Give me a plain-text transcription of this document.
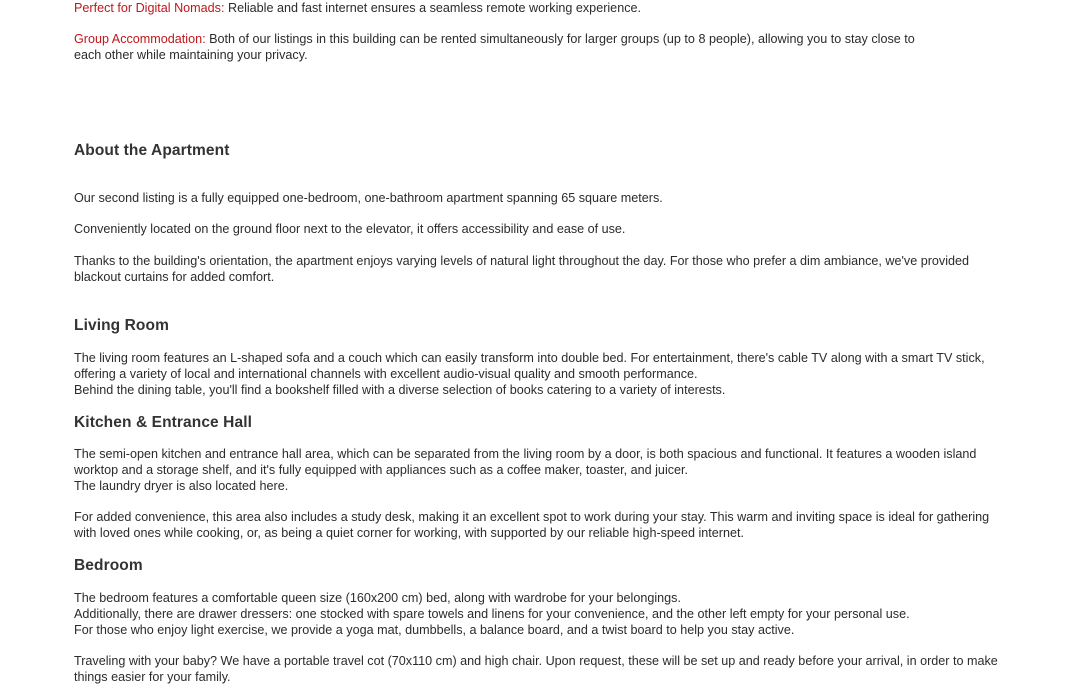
Perfect for Digital Nomads: Reliable and fast internet ensures a seamless remote working experience.

Group Accommodation: Both of our listings in this building can be rented simultaneously for larger groups (up to 8 people), allowing you to stay close to
each other while maintaining your privacy.

About the Apartment

Our second listing is a fully equipped one-bedroom, one-bathroom apartment spanning 65 square meters.

Conveniently located on the ground floor next to the elevator, it offers accessibility and ease of use.

Thanks to the building's orientation, the apartment enjoys varying levels of natural light throughout the day. For those who prefer a dim ambiance, we've provided
blackout curtains for added comfort.

Living Room

The living room features an L-shaped sofa and a couch which can easily transform into double bed. For entertainment, there's cable TV along with a smart TV stick,
offering a variety of local and international channels with excellent audio-visual quality and smooth performance.
Behind the dining table, you'll find a bookshelf filled with a diverse selection of books catering to a variety of interests.

Kitchen & Entrance Hall

The semi-open kitchen and entrance hall area, which can be separated from the living room by a door, is both spacious and functional. It features a wooden island
worktop and a storage shelf, and it's fully equipped with appliances such as a coffee maker, toaster, and juicer.
The laundry dryer is also located here.

For added convenience, this area also includes a study desk, making it an excellent spot to work during your stay. This warm and inviting space is ideal for gathering
with loved ones while cooking, or, as being a quiet corner for working, with supported by our reliable high-speed internet.

Bedroom

The bedroom features a comfortable queen size (160x200 cm) bed, along with wardrobe for your belongings.
Additionally, there are drawer dressers: one stocked with spare towels and linens for your convenience, and the other left empty for your personal use.
For those who enjoy light exercise, we provide a yoga mat, dumbbells, a balance board, and a twist board to help you stay active.

Traveling with your baby? We have a portable travel cot (70x110 cm) and high chair. Upon request, these will be set up and ready before your arrival, in order to make
things easier for your family.
